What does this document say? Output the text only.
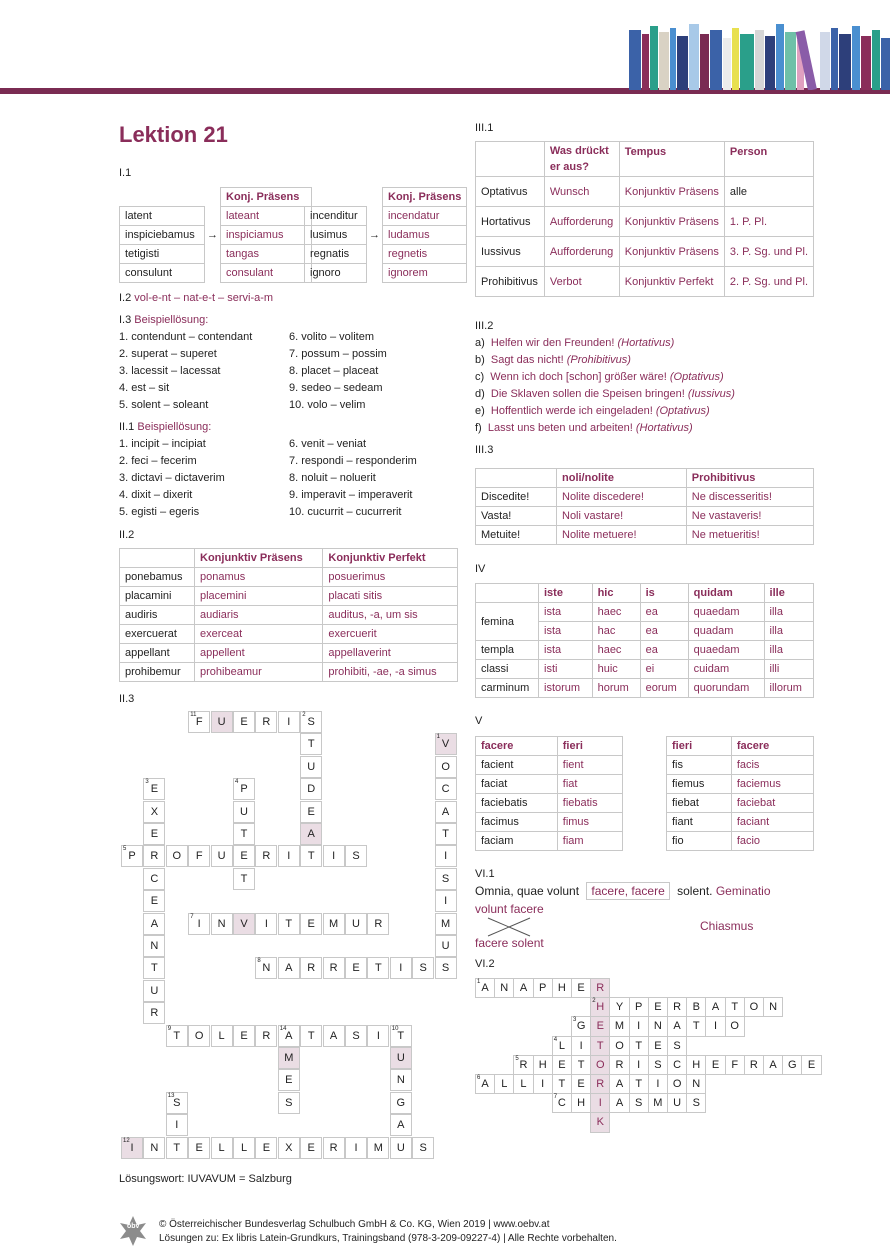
Lektion 21
I.1
		Konj. Präsens
latent		lateant
inspiciebamus	→	inspiciamus
tetigisti		tangas
consulunt		consulant
		Konj. Präsens
incenditur		incendatur
lusimus	→	ludamus
regnatis		regnetis
ignoro		ignorem
I.2 vol-e-nt – nat-e-t – servi-a-m
I.3 Beispiellösung:
1. contendunt – contendant
2. superat – superet
3. lacessit – lacessat
4. est – sit
5. solent – soleant
6. volito – volitem
7. possum – possim
8. placet – placeat
9. sedeo – sedeam
10. volo – velim
II.1 Beispiellösung:
1. incipit – incipiat
2. feci – fecerim
3. dictavi – dictaverim
4. dixit – dixerit
5. egisti – egeris
6. venit – veniat
7. respondi – responderim
8. noluit – noluerit
9. imperavit – imperaverit
10. cucurrit – cucurrerit
II.2
	Konjunktiv Präsens	Konjunktiv Perfekt
ponebamus	ponamus	posuerimus
placamini	placemini	placati sitis
audiris	audiaris	auditus, -a, um sis
exercuerat	exerceat	exercuerit
appellant	appellent	appellaverint
prohibemur	prohibeamur	prohibiti, -ae, -a simus
II.3
11
F	U	E	R	I
2
S
T
U
D
E
A
T
1
V
O
C
A
T
I
S
I
M
U
S
3
E
X
E
R
C
E
A
N
T
U
R
4
P
U
T
E
T
5
P	O	F	U	R	I	I	S
7
I	N	V	I	T	E	M	U	R
8
N	A	R	R	E	T	I	S
9
T	O	L	E	R
14
A	T	A	S	I
10
T
M
E
S
U
N
G
A
13
S
I
12
I	N	T	E	L	L	E	X	E	R	I	M	U	S
Lösungswort: IUVAVUM = Salzburg
III.1
	Was drückt er aus?	Tempus	Person
Optativus	Wunsch	Konjunktiv Präsens	alle
Hortativus	Aufforderung	Konjunktiv Präsens	1. P. Pl.
Iussivus	Aufforderung	Konjunktiv Präsens	3. P. Sg. und Pl.
Prohibitivus	Verbot	Konjunktiv Perfekt	2. P. Sg. und Pl.
III.2
a) Helfen wir den Freunden! (Hortativus)
b) Sagt das nicht! (Prohibitivus)
c) Wenn ich doch [schon] größer wäre! (Optativus)
d) Die Sklaven sollen die Speisen bringen! (Iussivus)
e) Hoffentlich werde ich eingeladen! (Optativus)
f) Lasst uns beten und arbeiten! (Hortativus)
III.3
	noli/nolite	Prohibitivus
Discedite!	Nolite discedere!	Ne discesseritis!
Vasta!	Noli vastare!	Ne vastaveris!
Metuite!	Nolite metuere!	Ne metueritis!
IV
	iste	hic	is	quidam	ille
femina	ista	haec	ea	quaedam	illa
	ista	hac	ea	quadam	illa
templa	ista	haec	ea	quaedam	illa
classi	isti	huic	ei	cuidam	illi
carminum	istorum	horum	eorum	quorundam	illorum
V
facere	fieri
facient	fient
faciat	fiat
faciebatis	fiebatis
facimus	fimus
faciam	fiam
fieri	facere
fis	facis
fiemus	faciemus
fiebat	faciebat
fiant	faciant
fio	facio
VI.1
Omnia, quae volunt facere, facere solent. Geminatio
volunt facere
facere solent
Chiasmus
VI.2
1 A	N	A	P	H	E	R
2 H	Y	P	E	R	B	A	T	O N
3 G	E M	I	N	A	T	I	O
4 L	I	T	O	T	E	S
5 R	H	E	T	O R	I	S	C	H	E	F	R	A	G	E
6 A	L	L	I	T	E	R	A	T	I	O N
7 C	H	I	A	S M U	S
K
öbv © Österreichischer Bundesverlag Schulbuch GmbH & Co. KG, Wien 2019 | www.oebv.at
Lösungen zu: Ex libris Latein-Grundkurs, Trainingsband (978-3-209-09227-4) | Alle Rechte vorbehalten.
